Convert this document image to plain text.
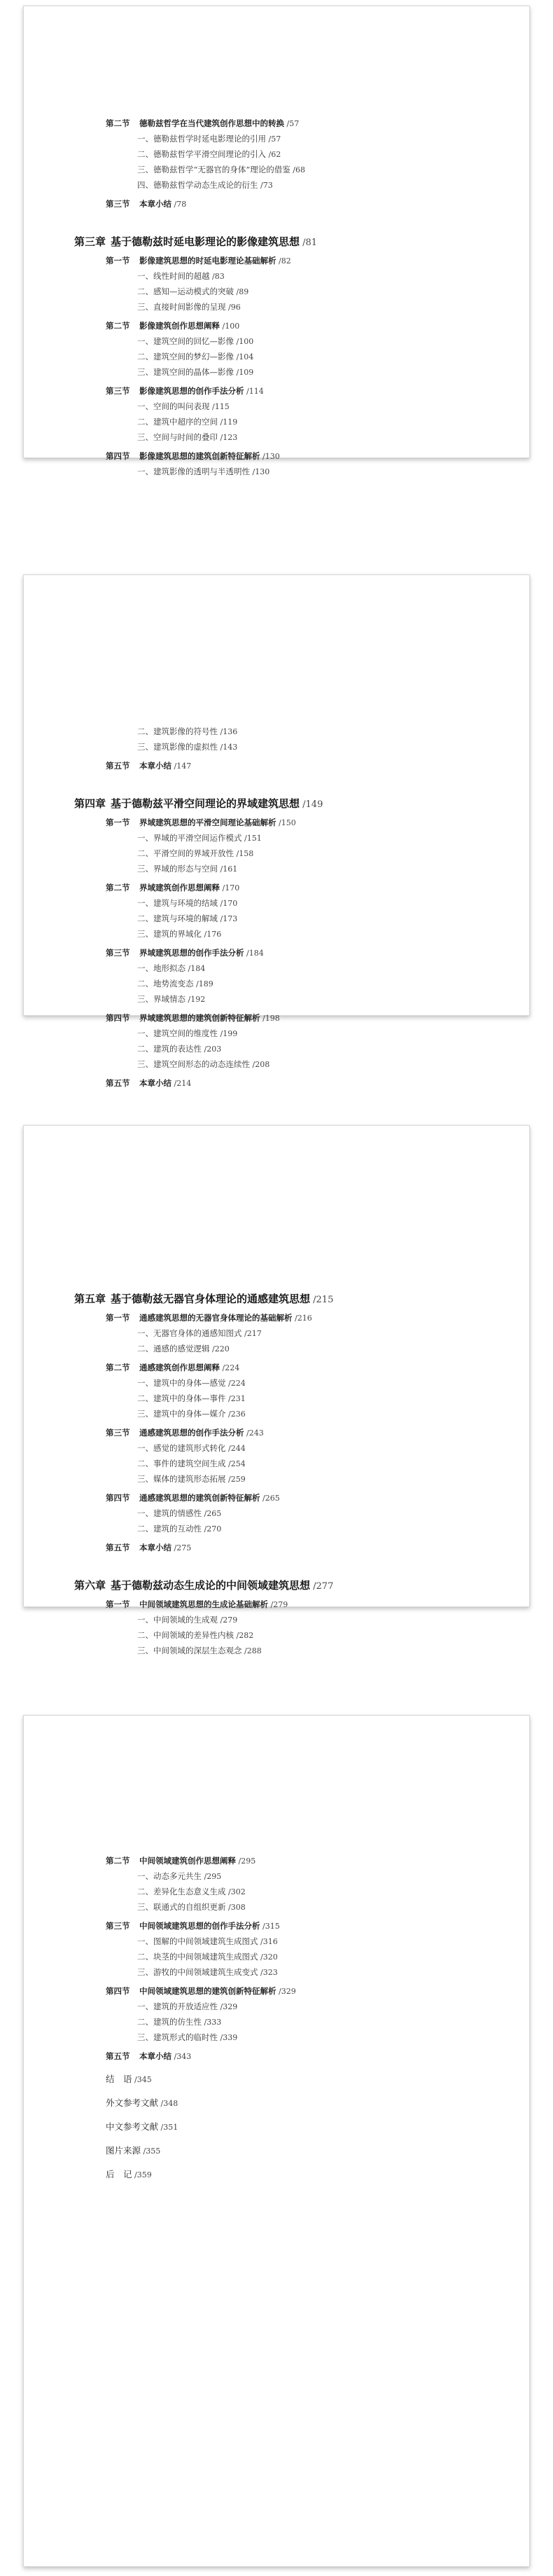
第二节 德勒兹哲学在当代建筑创作思想中的转换 /57
一、德勒兹哲学时延电影理论的引用 /57
二、德勒兹哲学平滑空间理论的引入 /62
三、德勒兹哲学“无器官的身体”理论的借鉴 /68
四、德勒兹哲学动态生成论的衍生 /73
第三节 本章小结 /78
第三章 基于德勒兹时延电影理论的影像建筑思想 /81
第一节 影像建筑思想的时延电影理论基础解析 /82
一、线性时间的超越 /83
二、感知—运动模式的突破 /89
三、直接时间影像的呈现 /96
第二节 影像建筑创作思想阐释 /100
一、建筑空间的回忆—影像 /100
二、建筑空间的梦幻—影像 /104
三、建筑空间的晶体—影像 /109
第三节 影像建筑思想的创作手法分析 /114
一、空间的叫问表现 /115
二、建筑中超序的空间 /119
三、空间与时间的叠印 /123
第四节 影像建筑思想的建筑创新特征解析 /130
一、建筑影像的透明与半透明性 /130
二、建筑影像的符号性 /136
三、建筑影像的虚拟性 /143
第五节 本章小结 /147
第四章 基于德勒兹平滑空间理论的界域建筑思想 /149
第一节 界域建筑思想的平滑空间理论基础解析 /150
一、界域的平滑空间运作模式 /151
二、平滑空间的界域开放性 /158
三、界域的形态与空间 /161
第二节 界域建筑创作思想阐释 /170
一、建筑与环境的结域 /170
二、建筑与环境的解域 /173
三、建筑的界域化 /176
第三节 界域建筑思想的创作手法分析 /184
一、地形拟态 /184
二、地势流变态 /189
三、界域情态 /192
第四节 界域建筑思想的建筑创新特征解析 /198
一、建筑空间的维度性 /199
二、建筑的表达性 /203
三、建筑空间形态的动态连续性 /208
第五节 本章小结 /214
第五章 基于德勒兹无器官身体理论的通感建筑思想 /215
第一节 通感建筑思想的无器官身体理论的基础解析 /216
一、无器官身体的通感知图式 /217
二、通感的感觉逻辑 /220
第二节 通感建筑创作思想阐释 /224
一、建筑中的身体—感觉 /224
二、建筑中的身体—事件 /231
三、建筑中的身体—媒介 /236
第三节 通感建筑思想的创作手法分析 /243
一、感觉的建筑形式转化 /244
二、事件的建筑空间生成 /254
三、媒体的建筑形态拓展 /259
第四节 通感建筑思想的建筑创新特征解析 /265
一、建筑的情感性 /265
二、建筑的互动性 /270
第五节 本章小结 /275
第六章 基于德勒兹动态生成论的中间领域建筑思想 /277
第一节 中间领域建筑思想的生成论基础解析 /279
一、中间领域的生成观 /279
二、中间领域的差异性内核 /282
三、中间领域的深层生态观念 /288
第二节 中间领域建筑创作思想阐释 /295
一、动态多元共生 /295
二、差异化生态意义生成 /302
三、联通式的自组织更新 /308
第三节 中间领域建筑思想的创作手法分析 /315
一、图解的中间领域建筑生成图式 /316
二、块茎的中间领域建筑生成图式 /320
三、游牧的中间领域建筑生成变式 /323
第四节 中间领域建筑思想的建筑创新特征解析 /329
一、建筑的开放适应性 /329
二、建筑的仿生性 /333
三、建筑形式的临时性 /339
第五节 本章小结 /343
结　语 /345
外文参考文献 /348
中文参考文献 /351
图片来源 /355
后　记 /359
